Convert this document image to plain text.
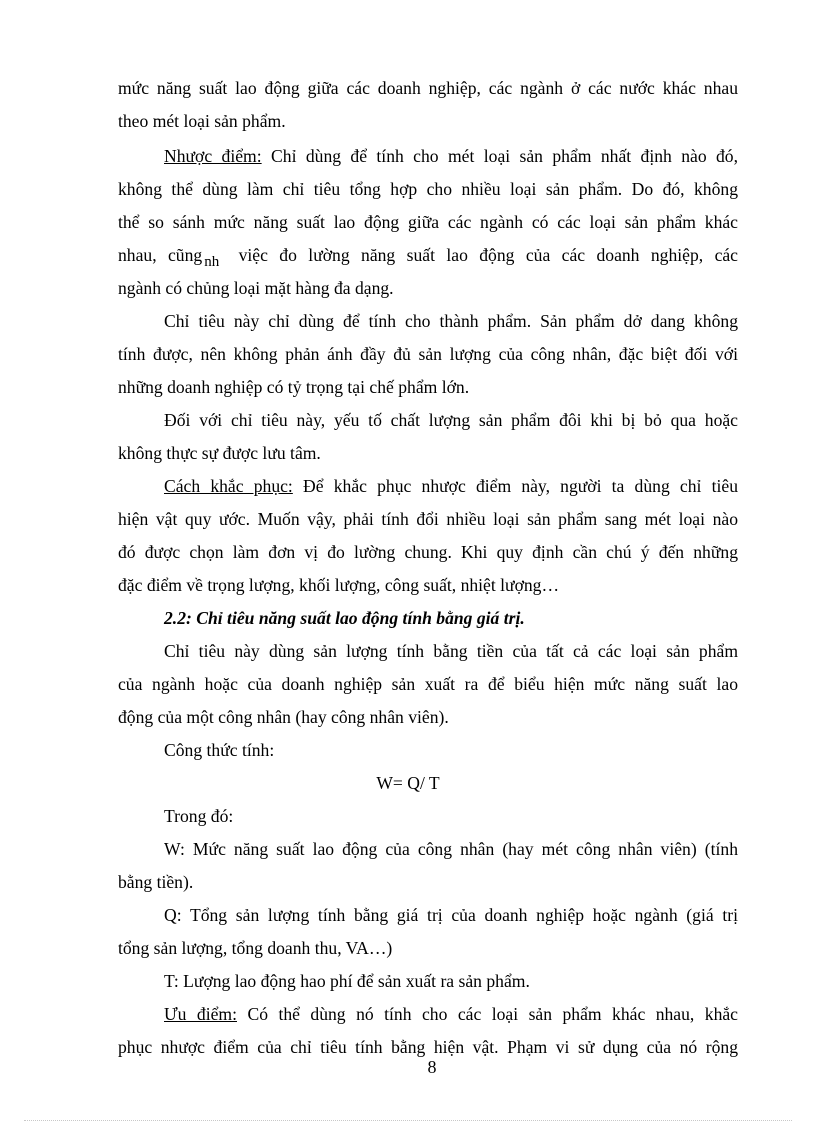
mức năng suất lao động giữa các doanh nghiệp, các ngành ở các nước khác nhau
theo mét loại sản phẩm.
Nhược điểm: Chỉ dùng để tính cho mét loại sản phẩm nhất định nào đó,
không thể dùng làm chỉ tiêu tổng hợp cho nhiều loại sản phẩm. Do đó, không
thể so sánh mức năng suất lao động giữa các ngành có các loại sản phẩm khác
nhau, cũng nh việc đo lường năng suất lao động của các doanh nghiệp, các
ngành có chủng loại mặt hàng đa dạng.
Chỉ tiêu này chỉ dùng để tính cho thành phẩm. Sản phẩm dở dang không
tính được, nên không phản ánh đầy đủ sản lượng của công nhân, đặc biệt đối với
những doanh nghiệp có tỷ trọng tại chế phẩm lớn.
Đối với chỉ tiêu này, yếu tố chất lượng sản phẩm đôi khi bị bỏ qua hoặc
không thực sự được lưu tâm.
Cách khắc phục: Để khắc phục nhược điểm này, người ta dùng chỉ tiêu
hiện vật quy ước. Muốn vậy, phải tính đổi nhiều loại sản phẩm sang mét loại nào
đó được chọn làm đơn vị đo lường chung. Khi quy định cần chú ý đến những
đặc điểm về trọng lượng, khối lượng, công suất, nhiệt lượng…
2.2: Chỉ tiêu năng suất lao động tính bằng giá trị.
Chỉ tiêu này dùng sản lượng tính bằng tiền của tất cả các loại sản phẩm
của ngành hoặc của doanh nghiệp sản xuất ra để biểu hiện mức năng suất lao
động của một công nhân (hay công nhân viên).
Công thức tính:
W= Q/ T
Trong đó:
W: Mức năng suất lao động của công nhân (hay mét công nhân viên) (tính
bằng tiền).
Q: Tổng sản lượng tính bằng giá trị của doanh nghiệp hoặc ngành (giá trị
tổng sản lượng, tổng doanh thu, VA…)
T: Lượng lao động hao phí để sản xuất ra sản phẩm.
Ưu điểm: Có thể dùng nó tính cho các loại sản phẩm khác nhau, khắc
phục nhược điểm của chỉ tiêu tính bằng hiện vật. Phạm vi sử dụng của nó rộng
8
